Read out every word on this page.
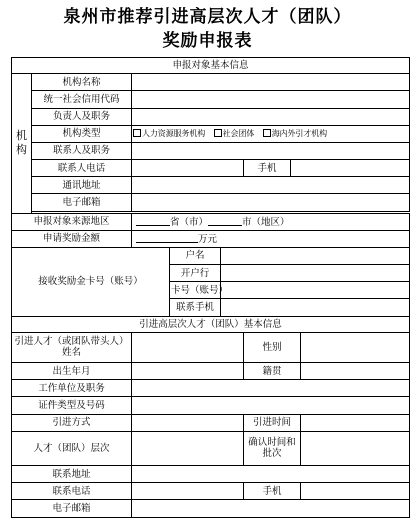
泉州市推荐引进高层次人才（团队）
奖励申报表
申报对象基本信息							
机构	机构名称						
	统一社会信用代码						
	负责人及职务						
	机构类型	人力资源服务机构 社会团体 海内外引才机构					
	联系人及职务						
	联系人电话				手机		
	通讯地址						
	电子邮箱						

申报对象来源地区		省（市） 市（地区）					
申请奖励金额		万元					
接收奖励金卡号（账号）			户名				
			开户行				
			卡号（账号）				
			联系手机				
引进高层次人才（团队）基本信息							
引进人才（或团队带头人）姓名					性别		
出生年月					籍贯		
工作单位及职务							
证件类型及号码							
引进方式					引进时间		
人才（团队）层次					确认时间和批次		
联系地址							
联系电话					手机		
电子邮箱							
